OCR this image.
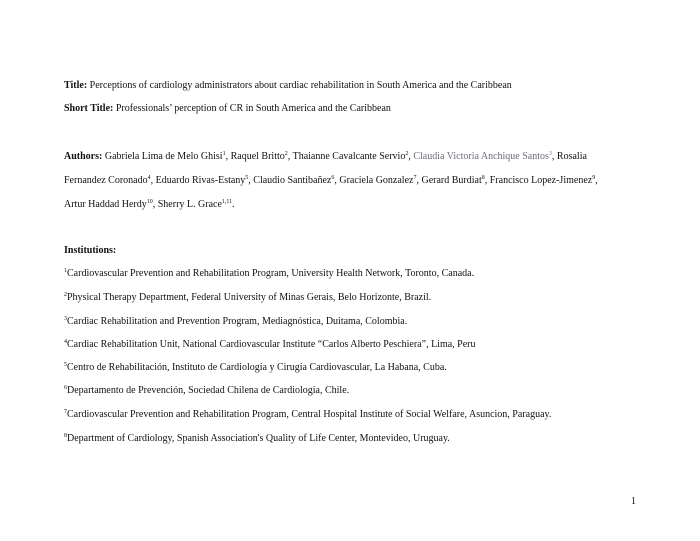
Title: Perceptions of cardiology administrators about cardiac rehabilitation in South America and the Caribbean
Short Title: Professionals’ perception of CR in South America and the Caribbean
Authors: Gabriela Lima de Melo Ghisi$^1$, Raquel Britto$^2$, Thaianne Cavalcante Servio$^2$, Claudia Victoria Anchique Santos$^3$, Rosalia
Fernandez Coronado$^4$, Eduardo Rivas-Estany$^5$, Claudio Santibañez$^6$, Graciela Gonzalez$^7$, Gerard Burdiat$^8$, Francisco Lopez-Jimenez$^9$,
Artur Haddad Herdy$^{10}$, Sherry L. Grace$^{1,11}$.
Institutions:
$^1$Cardiovascular Prevention and Rehabilitation Program, University Health Network, Toronto, Canada.
$^2$Physical Therapy Department, Federal University of Minas Gerais, Belo Horizonte, Brazil.
$^3$Cardiac Rehabilitation and Prevention Program, Mediagnóstica, Duitama, Colombia.
$^4$Cardiac Rehabilitation Unit, National Cardiovascular Institute “Carlos Alberto Peschiera”, Lima, Peru
$^5$Centro de Rehabilitación, Instituto de Cardiología y Cirugía Cardiovascular, La Habana, Cuba.
$^6$Departamento de Prevención, Sociedad Chilena de Cardiología, Chile.
$^7$Cardiovascular Prevention and Rehabilitation Program, Central Hospital Institute of Social Welfare, Asuncion, Paraguay.
$^8$Department of Cardiology, Spanish Association's Quality of Life Center, Montevideo, Uruguay.
1
